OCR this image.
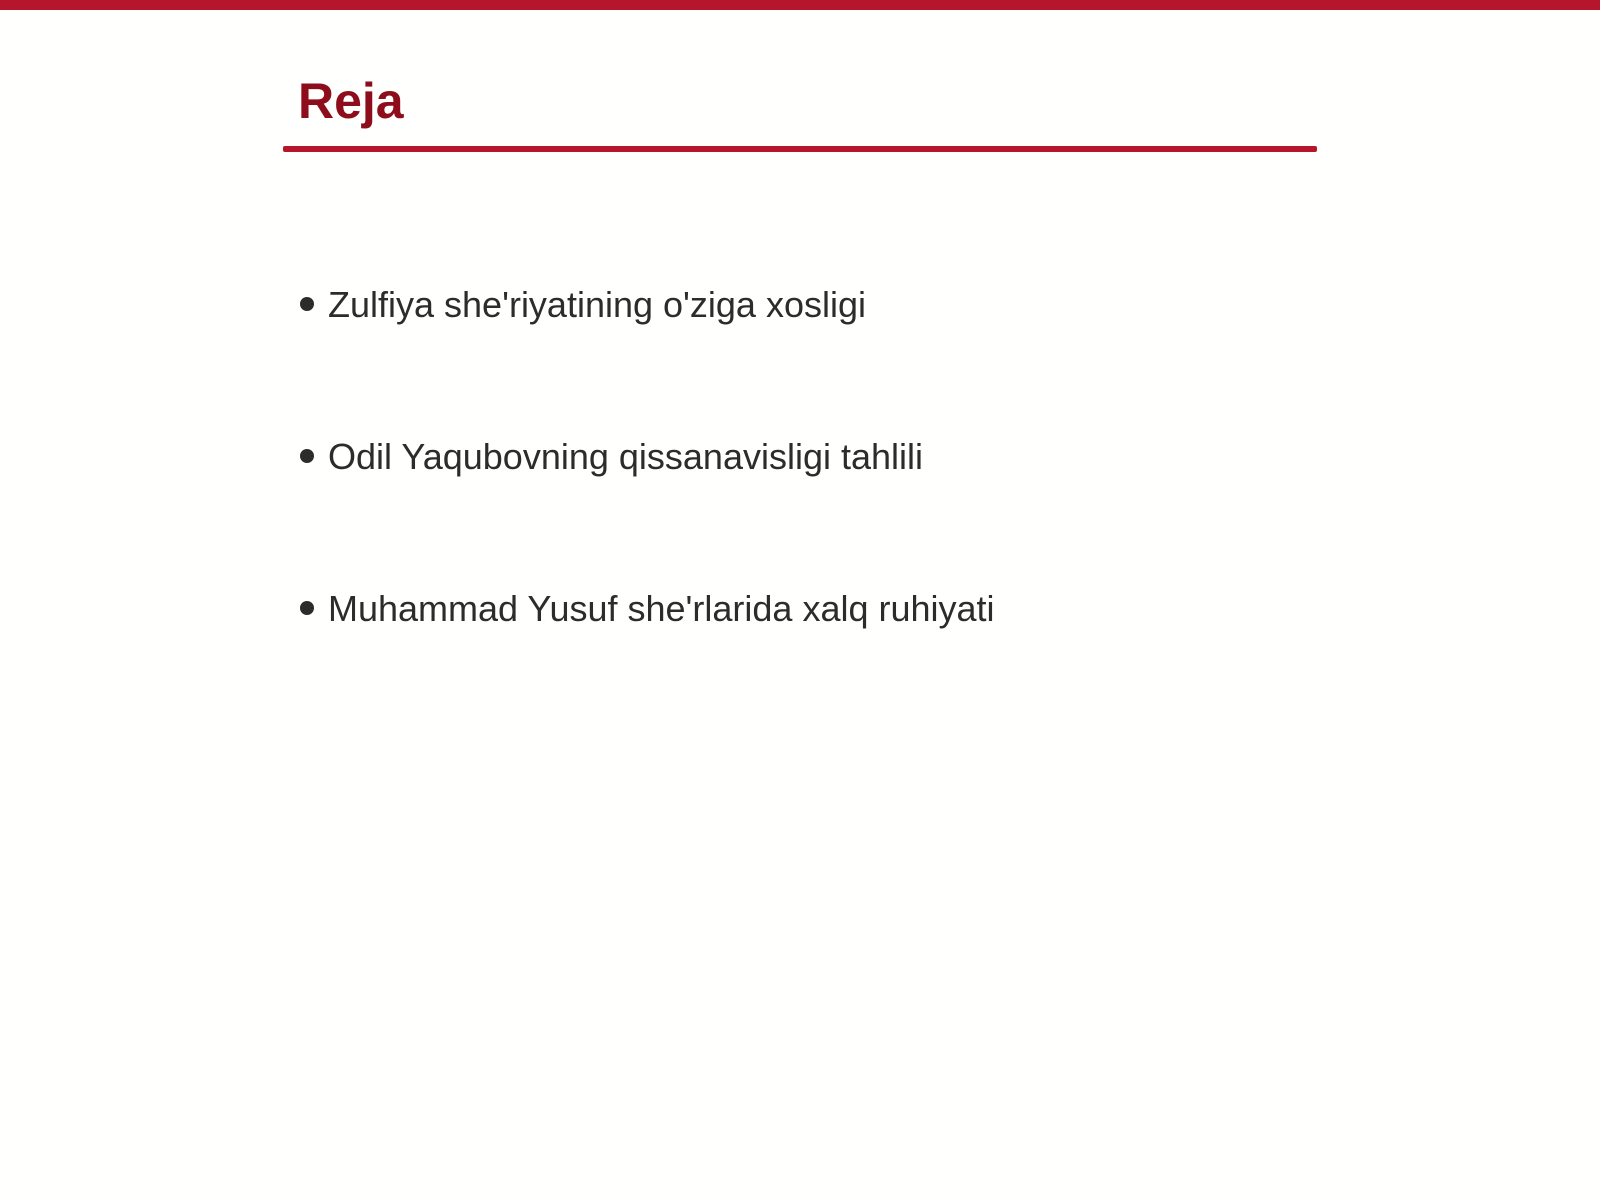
Reja
Zulfiya she'riyatining o'ziga xosligi
Odil Yaqubovning qissanavisligi tahlili
Muhammad Yusuf she'rlarida xalq ruhiyati
